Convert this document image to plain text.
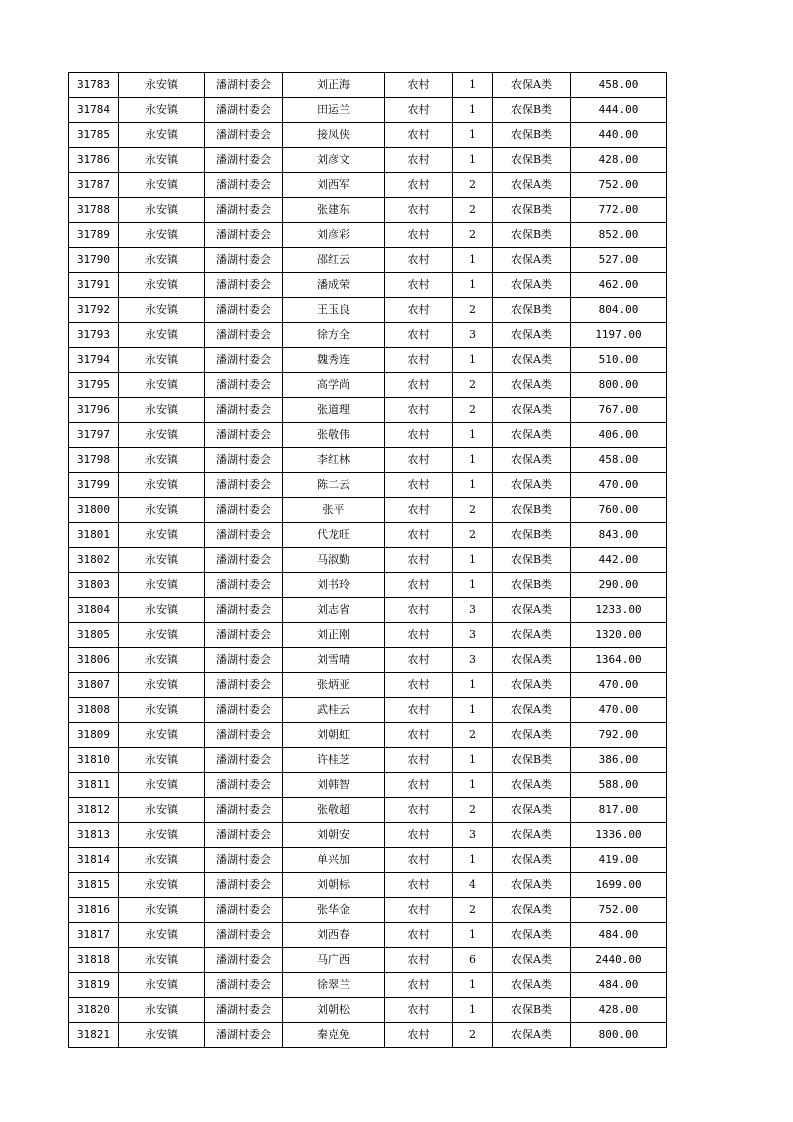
31783	永安镇	潘湖村委会	刘正海	农村	1	农保A类	458.00
31784	永安镇	潘湖村委会	田运兰	农村	1	农保B类	444.00
31785	永安镇	潘湖村委会	接凤侠	农村	1	农保B类	440.00
31786	永安镇	潘湖村委会	刘彦文	农村	1	农保B类	428.00
31787	永安镇	潘湖村委会	刘西军	农村	2	农保A类	752.00
31788	永安镇	潘湖村委会	张建东	农村	2	农保B类	772.00
31789	永安镇	潘湖村委会	刘彦彩	农村	2	农保B类	852.00
31790	永安镇	潘湖村委会	邵红云	农村	1	农保A类	527.00
31791	永安镇	潘湖村委会	潘成荣	农村	1	农保A类	462.00
31792	永安镇	潘湖村委会	王玉良	农村	2	农保B类	804.00
31793	永安镇	潘湖村委会	徐方全	农村	3	农保A类	1197.00
31794	永安镇	潘湖村委会	魏秀连	农村	1	农保A类	510.00
31795	永安镇	潘湖村委会	高学尚	农村	2	农保A类	800.00
31796	永安镇	潘湖村委会	张道理	农村	2	农保A类	767.00
31797	永安镇	潘湖村委会	张敬伟	农村	1	农保A类	406.00
31798	永安镇	潘湖村委会	李红林	农村	1	农保A类	458.00
31799	永安镇	潘湖村委会	陈二云	农村	1	农保A类	470.00
31800	永安镇	潘湖村委会	张平	农村	2	农保B类	760.00
31801	永安镇	潘湖村委会	代龙旺	农村	2	农保B类	843.00
31802	永安镇	潘湖村委会	马淑勤	农村	1	农保B类	442.00
31803	永安镇	潘湖村委会	刘书玲	农村	1	农保B类	290.00
31804	永安镇	潘湖村委会	刘志省	农村	3	农保A类	1233.00
31805	永安镇	潘湖村委会	刘正刚	农村	3	农保A类	1320.00
31806	永安镇	潘湖村委会	刘雪晴	农村	3	农保A类	1364.00
31807	永安镇	潘湖村委会	张炳亚	农村	1	农保A类	470.00
31808	永安镇	潘湖村委会	武桂云	农村	1	农保A类	470.00
31809	永安镇	潘湖村委会	刘朝虹	农村	2	农保A类	792.00
31810	永安镇	潘湖村委会	许桂芝	农村	1	农保B类	386.00
31811	永安镇	潘湖村委会	刘韩智	农村	1	农保A类	588.00
31812	永安镇	潘湖村委会	张敬超	农村	2	农保A类	817.00
31813	永安镇	潘湖村委会	刘朝安	农村	3	农保A类	1336.00
31814	永安镇	潘湖村委会	单兴加	农村	1	农保A类	419.00
31815	永安镇	潘湖村委会	刘朝标	农村	4	农保A类	1699.00
31816	永安镇	潘湖村委会	张华金	农村	2	农保A类	752.00
31817	永安镇	潘湖村委会	刘西春	农村	1	农保A类	484.00
31818	永安镇	潘湖村委会	马广西	农村	6	农保A类	2440.00
31819	永安镇	潘湖村委会	徐翠兰	农村	1	农保A类	484.00
31820	永安镇	潘湖村委会	刘朝松	农村	1	农保B类	428.00
31821	永安镇	潘湖村委会	秦克免	农村	2	农保A类	800.00
